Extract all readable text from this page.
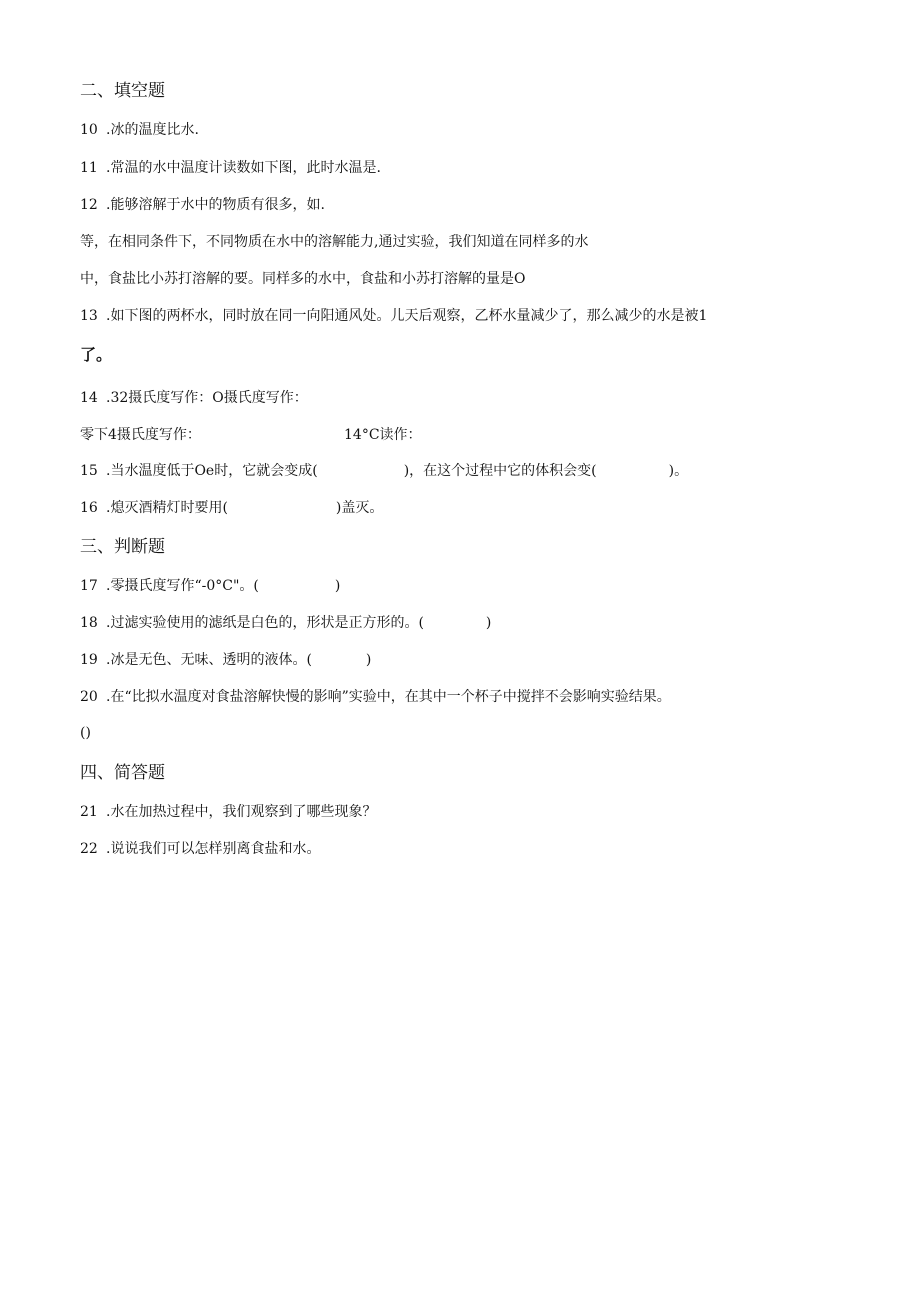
二、填空题
10 .冰的温度比水.
11 .常温的水中温度计读数如下图，此时水温是.
12 .能够溶解于水中的物质有很多，如.
等，在相同条件下，不同物质在水中的溶解能力,通过实验，我们知道在同样多的水
中，食盐比小苏打溶解的要。同样多的水中，食盐和小苏打溶解的量是O
13 .如下图的两杯水，同时放在同一向阳通风处。儿天后观察，乙杯水量减少了，那么减少的水是被1
了。
14 .32摄氏度写作：O摄氏度写作：
零下4摄氏度写作：	14°C读作：
15 .当水温度低于Oe时，它就会变成(	)，在这个过程中它的体积会变(	)。
16 .熄灭酒精灯时要用(	)盖灭。
三、判断题
17 .零摄氏度写作“-0°C"。(	)
18 .过滤实验使用的滤纸是白色的，形状是正方形的。(	)
19 .冰是无色、无味、透明的液体。(	)
20 .在“比拟水温度对食盐溶解快慢的影响”实验中，在其中一个杯子中搅拌不会影响实验结果。
()
四、简答题
21 .水在加热过程中，我们观察到了哪些现象？
22 .说说我们可以怎样别离食盐和水。
